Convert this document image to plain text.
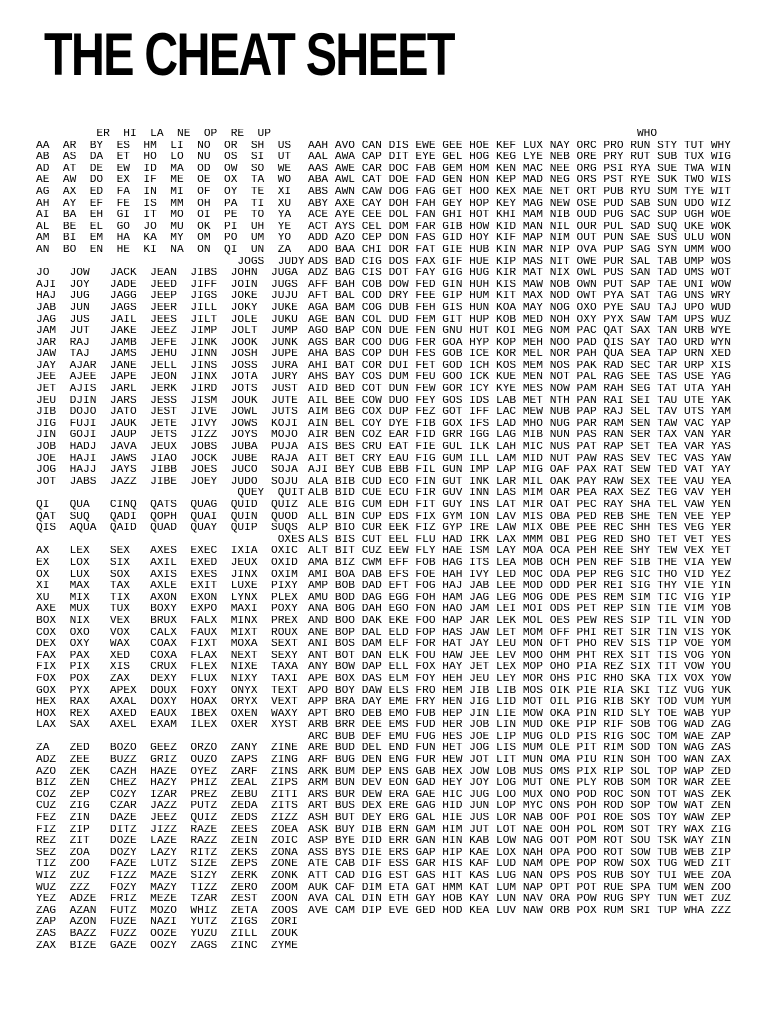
THE CHEAT SHEET
ER  HI  LA  NE  OP  RE  UP
AA  AR  BY  ES  HM  LI  NO  OR  SH  US
AB  AS  DA  ET  HO  LO  NU  OS  SI  UT
AD  AT  DE  EW  ID  MA  OD  OW  SO  WE
AE  AW  DO  EX  IF  ME  OE  OX  TA  WO
AG  AX  ED  FA  IN  MI  OF  OY  TE  XI
AH  AY  EF  FE  IS  MM  OH  PA  TI  XU
AI  BA  EH  GI  IT  MO  OI  PE  TO  YA
AL  BE  EL  GO  JO  MU  OK  PI  UH  YE
AM  BI  EM  HA  KA  MY  OM  PO  UM  YO
AN  BO  EN  HE  KI  NA  ON  QI  UN  ZA
JOGS  JUDY
JO   JOW   JACK  JEAN  JIBS  JOHN  JUGA
AJI  JOY   JADE  JEED  JIFF  JOIN  JUGS
HAJ  JUG   JAGG  JEEP  JIGS  JOKE  JUJU
JAB  JUN   JAGS  JEER  JILL  JOKY  JUKE
JAG  JUS   JAIL  JEES  JILT  JOLE  JUKU
JAM  JUT   JAKE  JEEZ  JIMP  JOLT  JUMP
JAR  RAJ   JAMB  JEFE  JINK  JOOK  JUNK
JAW  TAJ   JAMS  JEHU  JINN  JOSH  JUPE
JAY  AJAR  JANE  JELL  JINS  JOSS  JURA
JEE  AJEE  JAPE  JEON  JINX  JOTA  JURY
JET  AJIS  JARL  JERK  JIRD  JOTS  JUST
JEU  DJIN  JARS  JESS  JISM  JOUK  JUTE
JIB  DOJO  JATO  JEST  JIVE  JOWL  JUTS
JIG  FUJI  JAUK  JETE  JIVY  JOWS  KOJI
JIN  GOJI  JAUP  JETS  JIZZ  JOYS  MOJO
JOB  HADJ  JAVA  JEUX  JOBS  JUBA  PUJA
JOE  HAJI  JAWS  JIAO  JOCK  JUBE  RAJA
JOG  HAJJ  JAYS  JIBB  JOES  JUCO  SOJA
JOT  JABS  JAZZ  JIBE  JOEY  JUDO  SOJU
QUEY  QUIT
QI   QUA   CINQ  QATS  QUAG  QUID  QUIZ
QAT  SUQ   QADI  QOPH  QUAI  QUIN  QUOD
QIS  AQUA  QAID  QUAD  QUAY  QUIP  SUQS
OXES
AX   LEX   SEX   AXES  EXEC  IXIA  OXIC
EX   LOX   SIX   AXIL  EXED  JEUX  OXID
OX   LUX   SOX   AXIS  EXES  JINX  OXIM
XI   MAX   TAX   AXLE  EXIT  LUXE  PIXY
XU   MIX   TIX   AXON  EXON  LYNX  PLEX
AXE  MUX   TUX   BOXY  EXPO  MAXI  POXY
BOX  NIX   VEX   BRUX  FALX  MINX  PREX
COX  OXO   VOX   CALX  FAUX  MIXT  ROUX
DEX  OXY   WAX   COAX  FIXT  MOXA  SEXT
FAX  PAX   XED   COXA  FLAX  NEXT  SEXY
FIX  PIX   XIS   CRUX  FLEX  NIXE  TAXA
FOX  POX   ZAX   DEXY  FLUX  NIXY  TAXI
GOX  PYX   APEX  DOUX  FOXY  ONYX  TEXT
HEX  RAX   AXAL  DOXY  HOAX  ORYX  VEXT
HOX  REX   AXED  EAUX  IBEX  OXEN  WAXY
LAX  SAX   AXEL  EXAM  ILEX  OXER  XYST
ZA   ZED   BOZO  GEEZ  ORZO  ZANY  ZINE
ADZ  ZEE   BUZZ  GRIZ  OUZO  ZAPS  ZING
AZO  ZEK   CAZH  HAZE  OYEZ  ZARF  ZINS
BIZ  ZEN   CHEZ  HAZY  PHIZ  ZEAL  ZIPS
COZ  ZEP   COZY  IZAR  PREZ  ZEBU  ZITI
CUZ  ZIG   CZAR  JAZZ  PUTZ  ZEDA  ZITS
FEZ  ZIN   DAZE  JEEZ  QUIZ  ZEDS  ZIZZ
FIZ  ZIP   DITZ  JIZZ  RAZE  ZEES  ZOEA
REZ  ZIT   DOZE  LAZE  RAZZ  ZEIN  ZOIC
SEZ  ZOA   DOZY  LAZY  RITZ  ZEKS  ZONA
TIZ  ZOO   FAZE  LUTZ  SIZE  ZEPS  ZONE
WIZ  ZUZ   FIZZ  MAZE  SIZY  ZERK  ZONK
WUZ  ZZZ   FOZY  MAZY  TIZZ  ZERO  ZOOM
YEZ  ADZE  FRIZ  MEZE  TZAR  ZEST  ZOON
ZAG  AZAN  FUTZ  MOZO  WHIZ  ZETA  ZOOS
ZAP  AZON  FUZE  NAZI  YUTZ  ZIGS  ZORI
ZAS  BAZZ  FUZZ  OOZE  YUZU  ZILL  ZOUK
ZAX  BIZE  GAZE  OOZY  ZAGS  ZINC  ZYME
WHO
AAH AVO CAN DIS EWE GEE HOE KEF LUX NAY ORC PRO RUN STY TUT WHY
AAL AWA CAP DIT EYE GEL HOG KEG LYE NEB ORE PRY RUT SUB TUX WIG
AAS AWE CAR DOC FAB GEM HOM KEN MAC NEE ORG PSI RYA SUE TWA WIN
ABA AWL CAT DOE FAD GEN HON KEP MAD NEG ORS PST RYE SUK TWO WIS
ABS AWN CAW DOG FAG GET HOO KEX MAE NET ORT PUB RYU SUM TYE WIT
ABY AXE CAY DOH FAH GEY HOP KEY MAG NEW OSE PUD SAB SUN UDO WIZ
ACE AYE CEE DOL FAN GHI HOT KHI MAM NIB OUD PUG SAC SUP UGH WOE
ACT AYS CEL DOM FAR GIB HOW KID MAN NIL OUR PUL SAD SUQ UKE WOK
ADD AZO CEP DON FAS GID HOY KIF MAP NIM OUT PUN SAE SUS ULU WON
ADO BAA CHI DOR FAT GIE HUB KIN MAR NIP OVA PUP SAG SYN UMM WOO
ADS BAD CIG DOS FAX GIF HUE KIP MAS NIT OWE PUR SAL TAB UMP WOS
ADZ BAG CIS DOT FAY GIG HUG KIR MAT NIX OWL PUS SAN TAD UMS WOT
AFF BAH COB DOW FED GIN HUH KIS MAW NOB OWN PUT SAP TAE UNI WOW
AFT BAL COD DRY FEE GIP HUM KIT MAX NOD OWT PYA SAT TAG UNS WRY
AGA BAM COG DUB FEH GIS HUN KOA MAY NOG OXO PYE SAU TAJ UPO WUD
AGE BAN COL DUD FEM GIT HUP KOB MED NOH OXY PYX SAW TAM UPS WUZ
AGO BAP CON DUE FEN GNU HUT KOI MEG NOM PAC QAT SAX TAN URB WYE
AGS BAR COO DUG FER GOA HYP KOP MEH NOO PAD QIS SAY TAO URD WYN
AHA BAS COP DUH FES GOB ICE KOR MEL NOR PAH QUA SEA TAP URN XED
AHI BAT COR DUI FET GOD ICH KOS MEM NOS PAK RAD SEC TAR URP XIS
AHS BAY COS DUM FEU GOO ICK KUE MEN NOT PAL RAG SEE TAS USE YAG
AID BED COT DUN FEW GOR ICY KYE MES NOW PAM RAH SEG TAT UTA YAH
AIL BEE COW DUO FEY GOS IDS LAB MET NTH PAN RAI SEI TAU UTE YAK
AIM BEG COX DUP FEZ GOT IFF LAC MEW NUB PAP RAJ SEL TAV UTS YAM
AIN BEL COY DYE FIB GOX IFS LAD MHO NUG PAR RAM SEN TAW VAC YAP
AIR BEN COZ EAR FID GRR IGG LAG MIB NUN PAS RAN SER TAX VAN YAR
AIS BES CRU EAT FIE GUL ILK LAH MIC NUS PAT RAP SET TEA VAR YAS
AIT BET CRY EAU FIG GUM ILL LAM MID NUT PAW RAS SEV TEC VAS YAW
AJI BEY CUB EBB FIL GUN IMP LAP MIG OAF PAX RAT SEW TED VAT YAY
ALA BIB CUD ECO FIN GUT INK LAR MIL OAK PAY RAW SEX TEE VAU YEA
ALB BID CUE ECU FIR GUV INN LAS MIM OAR PEA RAX SEZ TEG VAV YEH
ALE BIG CUM EDH FIT GUY INS LAT MIR OAT PEC RAY SHA TEL VAW YEN
ALL BIN CUP EDS FIX GYM ION LAV MIS OBA PED REB SHE TEN VEE YEP
ALP BIO CUR EEK FIZ GYP IRE LAW MIX OBE PEE REC SHH TES VEG YER
ALS BIS CUT EEL FLU HAD IRK LAX MMM OBI PEG RED SHO TET VET YES
ALT BIT CUZ EEW FLY HAE ISM LAY MOA OCA PEH REE SHY TEW VEX YET
AMA BIZ CWM EFF FOB HAG ITS LEA MOB OCH PEN REF SIB THE VIA YEW
AMI BOA DAB EFS FOE HAH IVY LED MOC ODA PEP REG SIC THO VID YEZ
AMP BOB DAD EFT FOG HAJ JAB LEE MOD ODD PER REI SIG THY VIE YIN
AMU BOD DAG EGG FOH HAM JAG LEG MOG ODE PES REM SIM TIC VIG YIP
ANA BOG DAH EGO FON HAO JAM LEI MOI ODS PET REP SIN TIE VIM YOB
AND BOO DAK EKE FOO HAP JAR LEK MOL OES PEW RES SIP TIL VIN YOD
ANE BOP DAL ELD FOP HAS JAW LET MOM OFF PHI RET SIR TIN VIS YOK
ANI BOS DAM ELF FOR HAT JAY LEU MON OFT PHO REV SIS TIP VOE YOM
ANT BOT DAN ELK FOU HAW JEE LEV MOO OHM PHT REX SIT TIS VOG YON
ANY BOW DAP ELL FOX HAY JET LEX MOP OHO PIA REZ SIX TIT VOW YOU
APE BOX DAS ELM FOY HEH JEU LEY MOR OHS PIC RHO SKA TIX VOX YOW
APO BOY DAW ELS FRO HEM JIB LIB MOS OIK PIE RIA SKI TIZ VUG YUK
APP BRA DAY EME FRY HEN JIG LID MOT OIL PIG RIB SKY TOD VUM YUM
APT BRO DEB EMO FUB HEP JIN LIE MOW OKA PIN RID SLY TOE WAB YUP
ARB BRR DEE EMS FUD HER JOB LIN MUD OKE PIP RIF SOB TOG WAD ZAG
ARC BUB DEF EMU FUG HES JOE LIP MUG OLD PIS RIG SOC TOM WAE ZAP
ARE BUD DEL END FUN HET JOG LIS MUM OLE PIT RIM SOD TON WAG ZAS
ARF BUG DEN ENG FUR HEW JOT LIT MUN OMA PIU RIN SOH TOO WAN ZAX
ARK BUM DEP ENS GAB HEX JOW LOB MUS OMS PIX RIP SOL TOP WAP ZED
ARM BUN DEV EON GAD HEY JOY LOG MUT ONE PLY ROB SOM TOR WAR ZEE
ARS BUR DEW ERA GAE HIC JUG LOO MUX ONO POD ROC SON TOT WAS ZEK
ART BUS DEX ERE GAG HID JUN LOP MYC ONS POH ROD SOP TOW WAT ZEN
ASH BUT DEY ERG GAL HIE JUS LOR NAB OOF POI ROE SOS TOY WAW ZEP
ASK BUY DIB ERN GAM HIM JUT LOT NAE OOH POL ROM SOT TRY WAX ZIG
ASP BYE DID ERR GAN HIN KAB LOW NAG OOT POM ROT SOU TSK WAY ZIN
ASS BYS DIE ERS GAP HIP KAE LOX NAH OPA POO ROT SOW TUB WEB ZIP
ATE CAB DIF ESS GAR HIS KAF LUD NAM OPE POP ROW SOX TUG WED ZIT
ATT CAD DIG EST GAS HIT KAS LUG NAN OPS POS RUB SOY TUI WEE ZOA
AUK CAF DIM ETA GAT HMM KAT LUM NAP OPT POT RUE SPA TUM WEN ZOO
AVA CAL DIN ETH GAY HOB KAY LUN NAV ORA POW RUG SPY TUN WET ZUZ
AVE CAM DIP EVE GED HOD KEA LUV NAW ORB POX RUM SRI TUP WHA ZZZ
